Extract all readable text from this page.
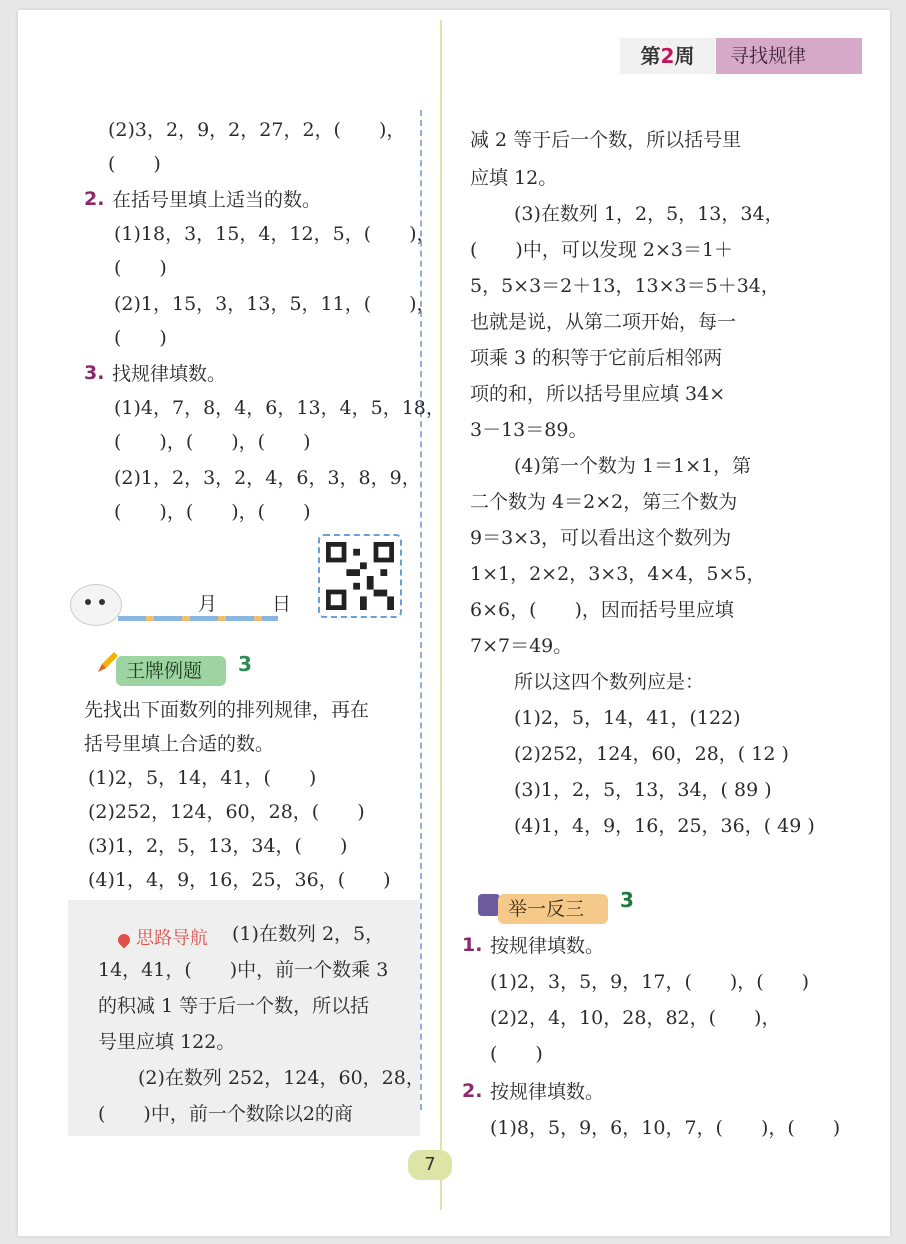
第2周	寻找规律
(2)3，2，9，2，27，2，(　　)，
(　　)
2. 在括号里填上适当的数。
(1)18，3，15，4，12，5，(　　)，
(　　)
(2)1，15，3，13，5，11，(　　)，
(　　)
3. 找规律填数。
(1)4，7，8，4，6，13，4，5，18，
(　　)，(　　)，(　　)
(2)1，2，3，2，4，6，3，8，9，
(　　)，(　　)，(　　)
月	日
王牌例题	3
先找出下面数列的排列规律，再在
括号里填上合适的数。
(1)2，5，14，41，(　　)
(2)252，124，60，28，(　　)
(3)1，2，5，13，34，(　　)
(4)1，4，9，16，25，36，(　　)
思路导航 (1)在数列 2，5，
14，41，(　　)中，前一个数乘 3
的积减 1 等于后一个数，所以括
号里应填 122。
(2)在数列 252，124，60，28，
(　　)中，前一个数除以2的商
减 2 等于后一个数，所以括号里
应填 12。
(3)在数列 1，2，5，13，34，
(　　)中，可以发现 2×3＝1＋
5，5×3＝2＋13，13×3＝5＋34，
也就是说，从第二项开始，每一
项乘 3 的积等于它前后相邻两
项的和，所以括号里应填 34×
3－13＝89。
(4)第一个数为 1＝1×1，第
二个数为 4＝2×2，第三个数为
9＝3×3，可以看出这个数列为
1×1，2×2，3×3，4×4，5×5，
6×6，(　　)，因而括号里应填
7×7＝49。
所以这四个数列应是：
(1)2，5，14，41，(122)
(2)252，124，60，28，( 12 )
(3)1，2，5，13，34，( 89 )
(4)1，4，9，16，25，36，( 49 )
举一反三	3
1. 按规律填数。
(1)2，3，5，9，17，(　　)，(　　)
(2)2，4，10，28，82，(　　)，
(　　)
2. 按规律填数。
(1)8，5，9，6，10，7，(　　)，(　　)
7
